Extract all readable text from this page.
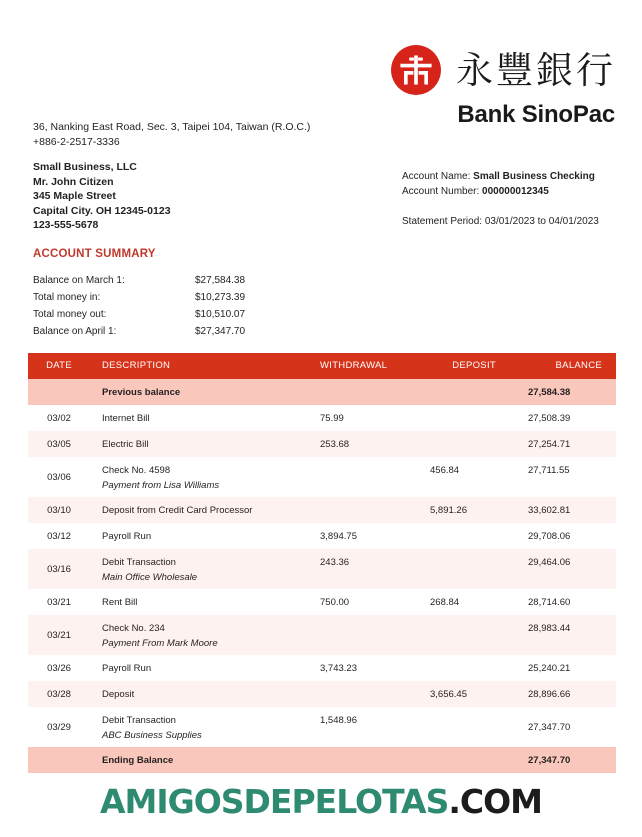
永豐銀行
Bank SinoPac
36, Nanking East Road, Sec. 3, Taipei 104, Taiwan (R.O.C.)
+886-2-2517-3336
Small Business, LLC
Mr. John Citizen
345 Maple Street
Capital City. OH 12345-0123
123-555-5678
Account Name: Small Business Checking
Account Number: 000000012345
Statement Period: 03/01/2023 to 04/01/2023
ACCOUNT SUMMARY
Balance on March 1:	$27,584.38
Total money in:	$10,273.39
Total money out:	$10,510.07
Balance on April 1:	$27,347.70
DATE	DESCRIPTION	WITHDRAWAL	DEPOSIT	BALANCE
	Previous balance			27,584.38
03/02	Internet Bill	75.99		27,508.39
03/05	Electric Bill	253.68		27,254.71
03/06	Check No. 4598
Payment from Lisa Williams		456.84	27,711.55
03/10	Deposit from Credit Card Processor		5,891.26	33,602.81
03/12	Payroll Run	3,894.75		29,708.06
03/16	Debit Transaction
Main Office Wholesale	243.36		29,464.06
03/21	Rent Bill	750.00	268.84	28,714.60
03/21	Check No. 234
Payment From Mark Moore			28,983.44
03/26	Payroll Run	3,743.23		25,240.21
03/28	Deposit		3,656.45	28,896.66
03/29	Debit Transaction
ABC Business Supplies	1,548.96		27,347.70
	Ending Balance			27,347.70
AMIGOSDEPELOTAS.COM
